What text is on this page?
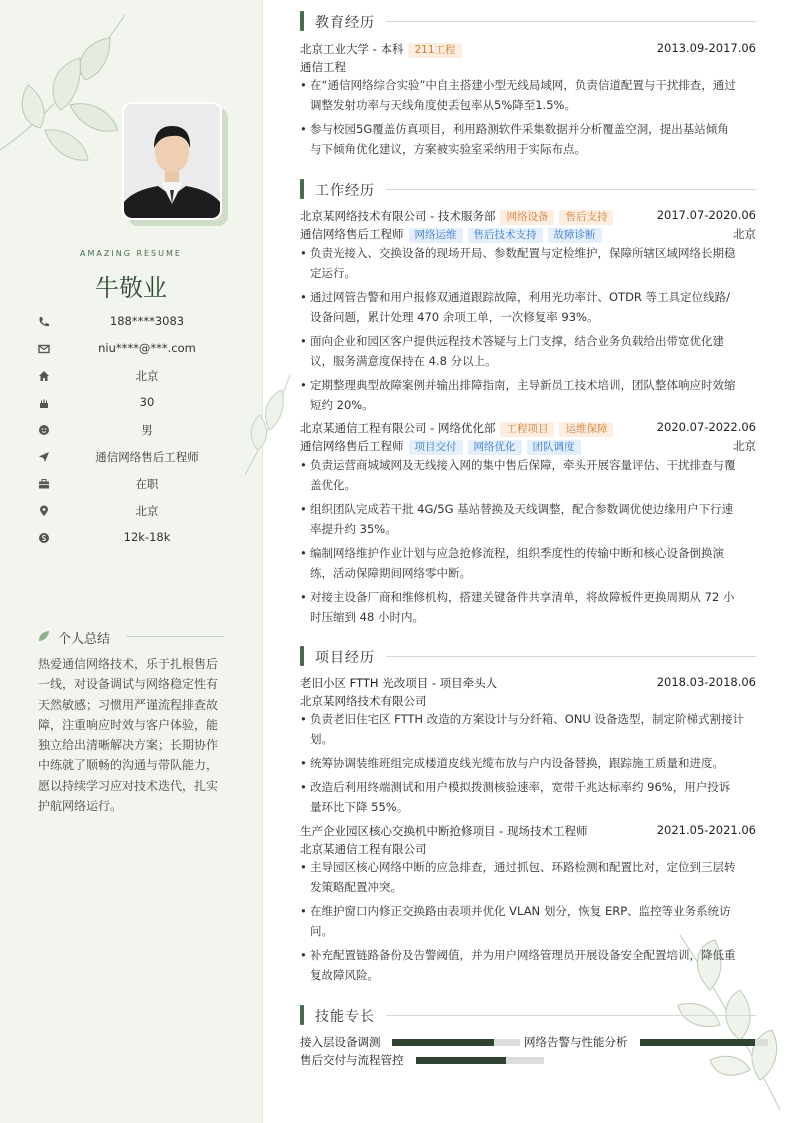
AMAZING RESUME
牛敬业
188****3083
niu****@***.com
北京
30
男
通信网络售后工程师
在职
北京
12k-18k
个人总结
热爱通信网络技术，乐于扎根售后
一线，对设备调试与网络稳定性有
天然敏感；习惯用严谨流程排查故
障，注重响应时效与客户体验，能
独立给出清晰解决方案；长期协作
中练就了顺畅的沟通与带队能力，
愿以持续学习应对技术迭代，扎实
护航网络运行。
教育经历
北京工业大学 - 本科 211工程	2013.09-2017.06
通信工程
• 在“通信网络综合实验”中自主搭建小型无线局域网，负责信道配置与干扰排查，通过
调整发射功率与天线角度使丢包率从5%降至1.5%。
• 参与校园5G覆盖仿真项目，利用路测软件采集数据并分析覆盖空洞，提出基站倾角
与下倾角优化建议，方案被实验室采纳用于实际布点。
工作经历
北京某网络技术有限公司 - 技术服务部 网络设备 售后支持	2017.07-2020.06
通信网络售后工程师 网络运维 售后技术支持 故障诊断	北京
• 负责光接入、交换设备的现场开局、参数配置与定检维护，保障所辖区域网络长期稳
定运行。
• 通过网管告警和用户报修双通道跟踪故障，利用光功率计、OTDR 等工具定位线路/
设备问题，累计处理 470 余项工单，一次修复率 93%。
• 面向企业和园区客户提供远程技术答疑与上门支撑，结合业务负载给出带宽优化建
议，服务满意度保持在 4.8 分以上。
• 定期整理典型故障案例并输出排障指南，主导新员工技术培训，团队整体响应时效缩
短约 20%。
北京某通信工程有限公司 - 网络优化部 工程项目 运维保障	2020.07-2022.06
通信网络售后工程师 项目交付 网络优化 团队调度	北京
• 负责运营商城域网及无线接入网的集中售后保障，牵头开展容量评估、干扰排查与覆
盖优化。
• 组织团队完成若干批 4G/5G 基站替换及天线调整，配合参数调优使边缘用户下行速
率提升约 35%。
• 编制网络维护作业计划与应急抢修流程，组织季度性的传输中断和核心设备倒换演
练，活动保障期间网络零中断。
• 对接主设备厂商和维修机构，搭建关键备件共享清单，将故障板件更换周期从 72 小
时压缩到 48 小时内。
项目经历
老旧小区 FTTH 光改项目 - 项目牵头人	2018.03-2018.06
北京某网络技术有限公司
• 负责老旧住宅区 FTTH 改造的方案设计与分纤箱、ONU 设备选型，制定阶梯式割接计
划。
• 统筹协调装维班组完成楼道皮线光缆布放与户内设备替换，跟踪施工质量和进度。
• 改造后利用终端测试和用户模拟拨测核验速率，宽带千兆达标率约 96%，用户投诉
量环比下降 55%。
生产企业园区核心交换机中断抢修项目 - 现场技术工程师	2021.05-2021.06
北京某通信工程有限公司
• 主导园区核心网络中断的应急排查，通过抓包、环路检测和配置比对，定位到三层转
发策略配置冲突。
• 在维护窗口内修正交换路由表项并优化 VLAN 划分，恢复 ERP、监控等业务系统访
问。
• 补充配置链路备份及告警阈值，并为用户网络管理员开展设备安全配置培训，降低重
复故障风险。
技能专长
接入层设备调测	网络告警与性能分析
售后交付与流程管控
